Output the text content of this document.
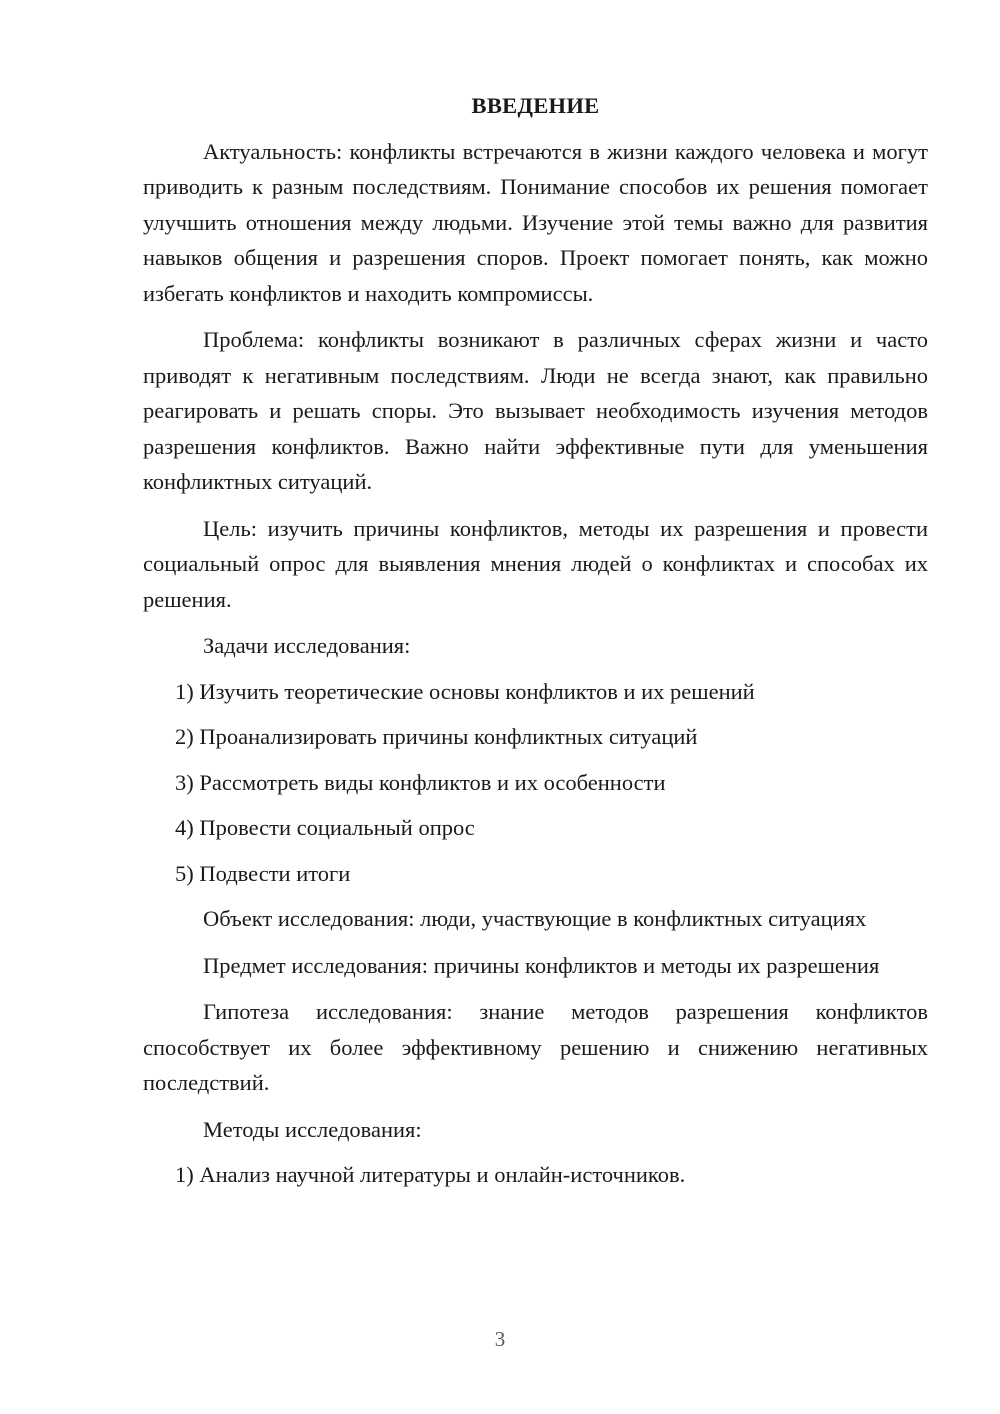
ВВЕДЕНИЕ

Актуальность: конфликты встречаются в жизни каждого человека и могут приводить к разным последствиям. Понимание способов их решения помогает улучшить отношения между людьми. Изучение этой темы важно для развития навыков общения и разрешения споров. Проект помогает понять, как можно избегать конфликтов и находить компромиссы.

Проблема: конфликты возникают в различных сферах жизни и часто приводят к негативным последствиям. Люди не всегда знают, как правильно реагировать и решать споры. Это вызывает необходимость изучения методов разрешения конфликтов. Важно найти эффективные пути для уменьшения конфликтных ситуаций.

Цель: изучить причины конфликтов, методы их разрешения и провести социальный опрос для выявления мнения людей о конфликтах и способах их решения.

Задачи исследования:
1) Изучить теоретические основы конфликтов и их решений
2) Проанализировать причины конфликтных ситуаций
3) Рассмотреть виды конфликтов и их особенности
4) Провести социальный опрос
5) Подвести итоги

Объект исследования: люди, участвующие в конфликтных ситуациях

Предмет исследования: причины конфликтов и методы их разрешения

Гипотеза исследования: знание методов разрешения конфликтов способствует их более эффективному решению и снижению негативных последствий.

Методы исследования:
1) Анализ научной литературы и онлайн-источников.
3
